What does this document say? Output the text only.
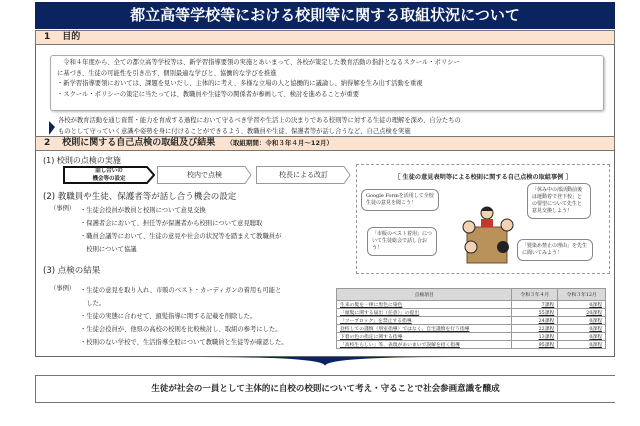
都立高等学校等における校則等に関する取組状況について
1 目的
　令和４年度から、全ての都立高等学校等は、新学習指導要領の実施とあいまって、各校が策定した教育活動の指針となるスクール・ポリシー
に基づき、生徒の可能性を引き出す、個別最適な学びと、協働的な学びを推進
・新学習指導要領においては、課題を見いだし、主体的に考え、多様な立場の人と協働的に議論し、納得解を生み出す活動を重視
・スクール・ポリシーの策定に当たっては、教職員や生徒等の関係者が参画して、検討を進めることが重要
各校が教育活動を通じ資質・能力を育成する過程において守るべき学習や生活上の決まりである校則等に対する生徒の理解を深め、自分たちの
ものとして守っていく意識や姿勢を身に付けることができるよう、教職員や生徒、保護者等が話し合うなど、自己点検を実施
2 校則に関する自己点検の取組及び結果 （取組期間：令和３年４月～12月）
(1) 校則の点検の実施
話し合いの
機会等の設定	校内で点検	校長による改訂
(2) 教職員や生徒、保護者等が話し合う機会の設定
（事例） ・生徒会役員が教員と校則について意見交換
・保護者会において、担任等が保護者から校則について意見聴取
・職員会議等において、生徒の意見や社会の状況等を踏まえて教職員が
　校則について協議
(3) 点検の結果
（事例） ・生徒の意見を取り入れ、市販のベスト・カーディガンの着用も可能と
　した。
・生徒の実態に合わせて、頭髪指導に関する記載を削除した。
・生徒会役員が、他県の高校の校則を比較検討し、取組の参考にした。
・校則のない学校で、生活指導全般について教職員と生徒等が確認した。
［ 生徒の意見表明等による校則に関する自己点検の取組事例 ］
Google Formを活用して全校生徒の意見を聞こう！
「市販のベスト着用」について生徒総会で話し合おう！
「休み中の部活動前後は運動着で登下校」との要望について先生と意見交換しよう！
「髪染め禁止の理由」を先生に聞いてみよう！
点検項目	令和３年４月	令和３年12月
生来の髪を一律に黒色に染色	7課程	0課程
「頭髪に関する届出（任意）」の提出	55課程	20課程
「ツーブロック」を禁止する指導	24課程	0課程
登校しての謹慎（別室指導）ではなく、自宅謹慎を行う指導	22課程	0課程
下着の色の指定に関する指導	13課程	0課程
「高校生らしい」等、表現があいまいで誤解を招く指導	95課程	0課程
生徒が社会の一員として主体的に自校の校則について考え・守ることで社会参画意識を醸成
